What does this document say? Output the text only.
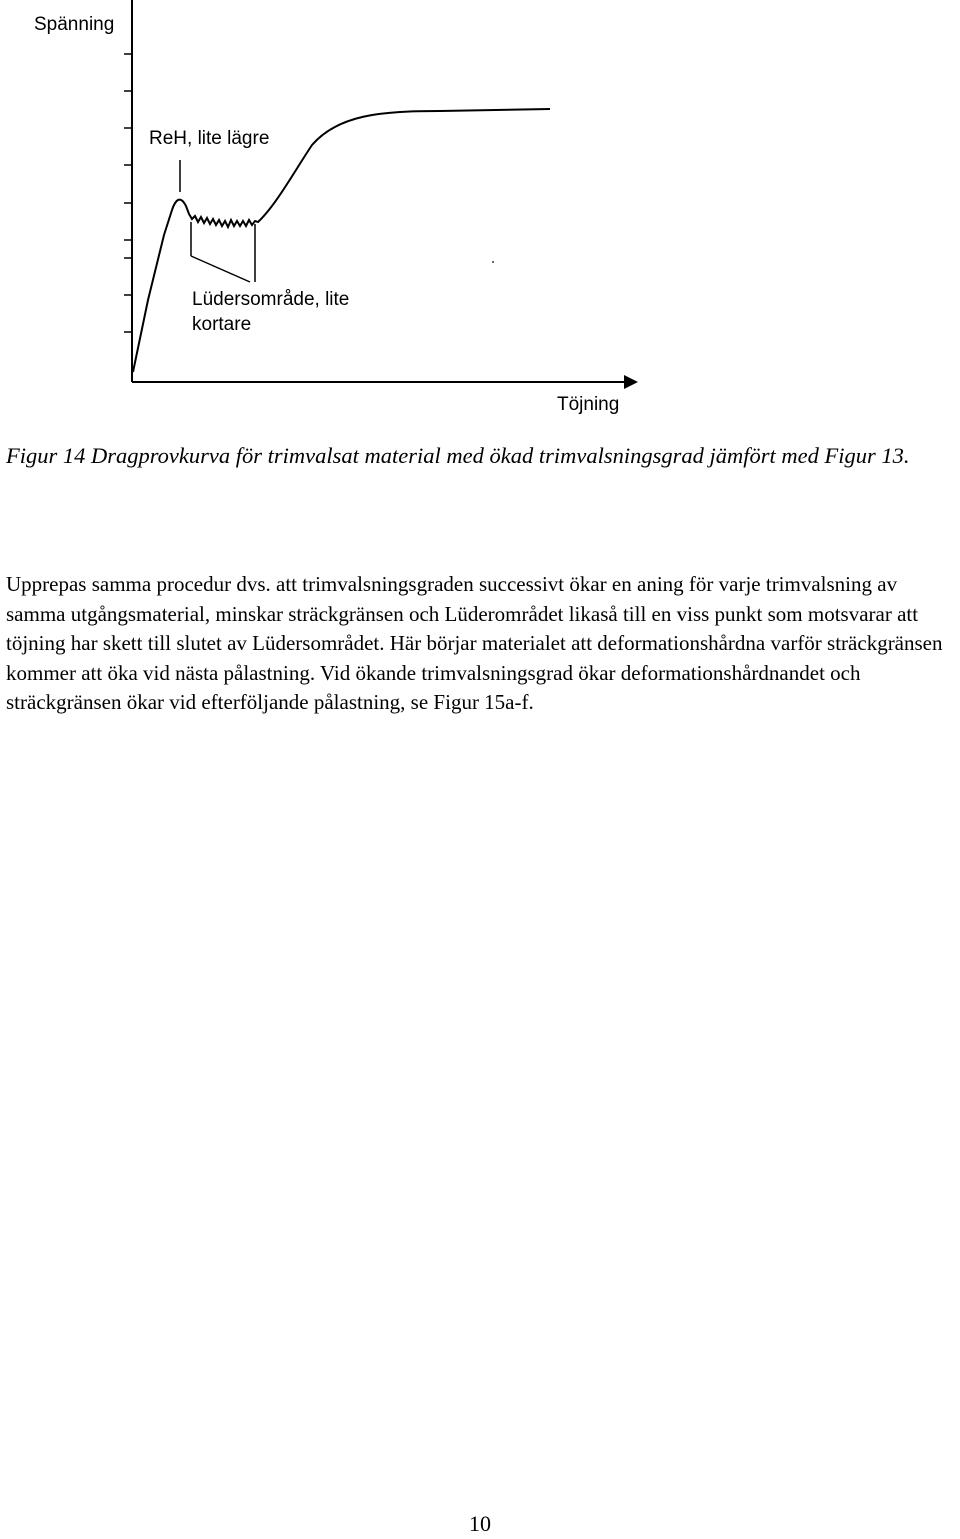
Spänning
ReH, lite lägre
Lüdersområde, lite
kortare
Töjning

Figur 14 Dragprovkurva för trimvalsat material med ökad trimvalsningsgrad jämfört med Figur 13.

Upprepas samma procedur dvs. att trimvalsningsgraden successivt ökar en aning för varje trimvalsning av samma utgångsmaterial, minskar sträckgränsen och Lüderområdet likaså till en viss punkt som motsvarar att töjning har skett till slutet av Lüdersområdet. Här börjar materialet att deformationshårdna varför sträckgränsen kommer att öka vid nästa pålastning. Vid ökande trimvalsningsgrad ökar deformationshårdnandet och sträckgränsen ökar vid efterföljande pålastning, se Figur 15a-f.

10
